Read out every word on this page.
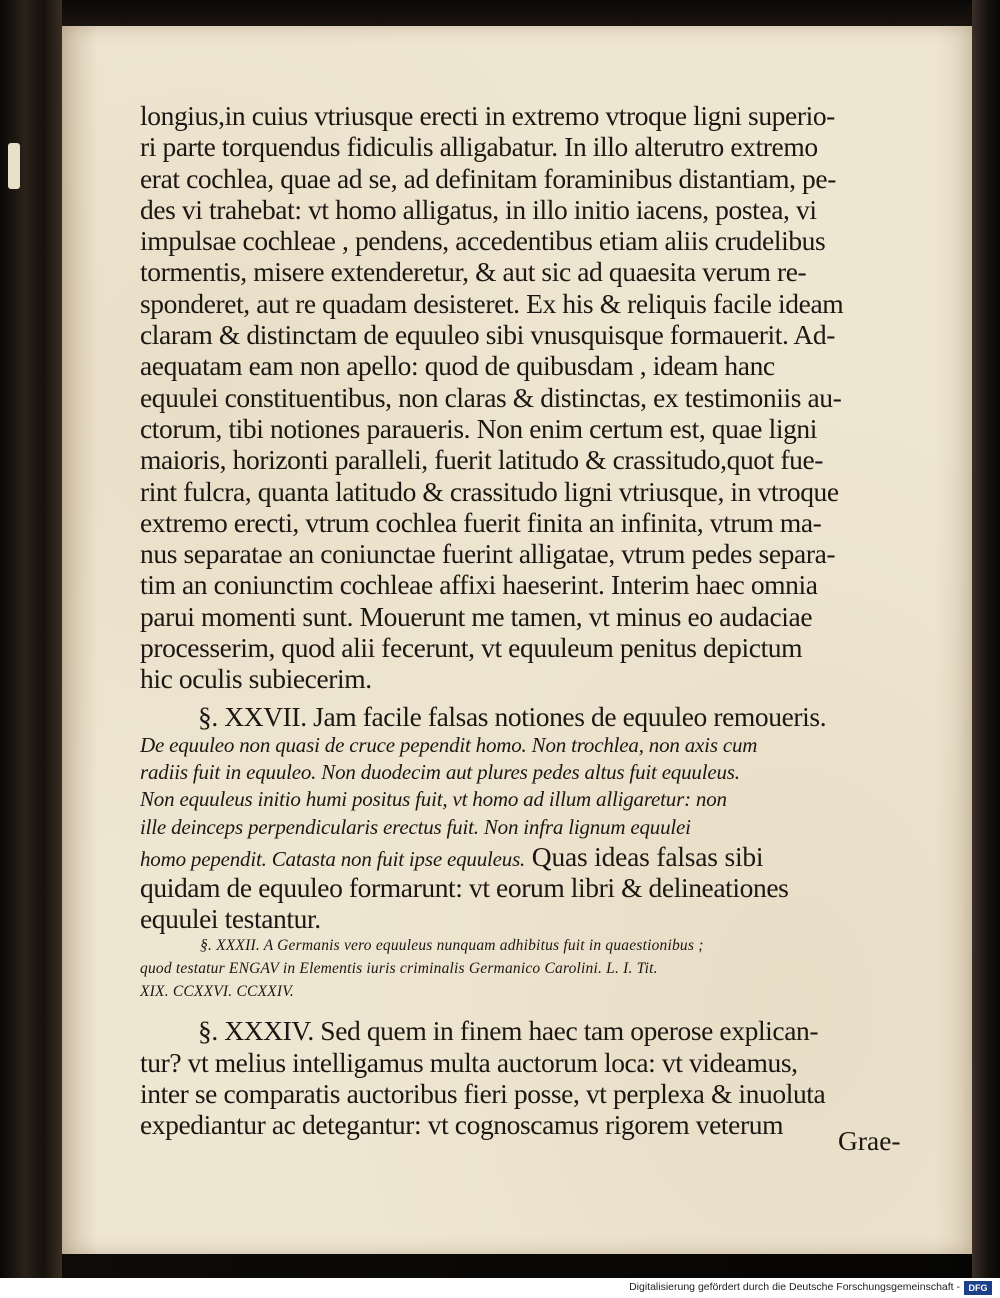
longius,in cuius vtriusque erecti in extremo vtroque ligni superio-
ri parte torquendus fidiculis alligabatur. In illo alterutro extremo
erat cochlea, quae ad se, ad definitam foraminibus distantiam, pe-
des vi trahebat: vt homo alligatus, in illo initio iacens, postea, vi
impulsae cochleae , pendens, accedentibus etiam aliis crudelibus
tormentis, misere extenderetur, & aut sic ad quaesita verum re-
sponderet, aut re quadam desisteret. Ex his & reliquis facile ideam
claram & distinctam de equuleo sibi vnusquisque formauerit. Ad-
aequatam eam non apello: quod de quibusdam , ideam hanc
equulei constituentibus, non claras & distinctas, ex testimoniis au-
ctorum, tibi notiones paraueris. Non enim certum est, quae ligni
maioris, horizonti paralleli, fuerit latitudo & crassitudo,quot fue-
rint fulcra, quanta latitudo & crassitudo ligni vtriusque, in vtroque
extremo erecti, vtrum cochlea fuerit finita an infinita, vtrum ma-
nus separatae an coniunctae fuerint alligatae, vtrum pedes separa-
tim an coniunctim cochleae affixi haeserint. Interim haec omnia
parui momenti sunt. Mouerunt me tamen, vt minus eo audaciae
processerim, quod alii fecerunt, vt equuleum penitus depictum
hic oculis subiecerim.
§. XXVII. Jam facile falsas notiones de equuleo remoueris.
De equuleo non quasi de cruce pependit homo. Non trochlea, non axis cum
radiis fuit in equuleo. Non duodecim aut plures pedes altus fuit equuleus.
Non equuleus initio humi positus fuit, vt homo ad illum alligaretur: non
ille deinceps perpendicularis erectus fuit. Non infra lignum equulei
homo pependit. Catasta non fuit ipse equuleus. Quas ideas falsas sibi
quidam de equuleo formarunt: vt eorum libri & delineationes
equulei testantur.
§. XXXII. A Germanis vero equuleus nunquam adhibitus fuit in quaestionibus ;
quod testatur ENGAV in Elementis iuris criminalis Germanico Carolini. L. I. Tit.
XIX. CCXXVI. CCXXIV.
§. XXXIV. Sed quem in finem haec tam operose explican-
tur? vt melius intelligamus multa auctorum loca: vt videamus,
inter se comparatis auctoribus fieri posse, vt perplexa & inuoluta
expediantur ac detegantur: vt cognoscamus rigorem veterum
Grae-
Digitalisierung gefördert durch die Deutsche Forschungsgemeinschaft - DFG
